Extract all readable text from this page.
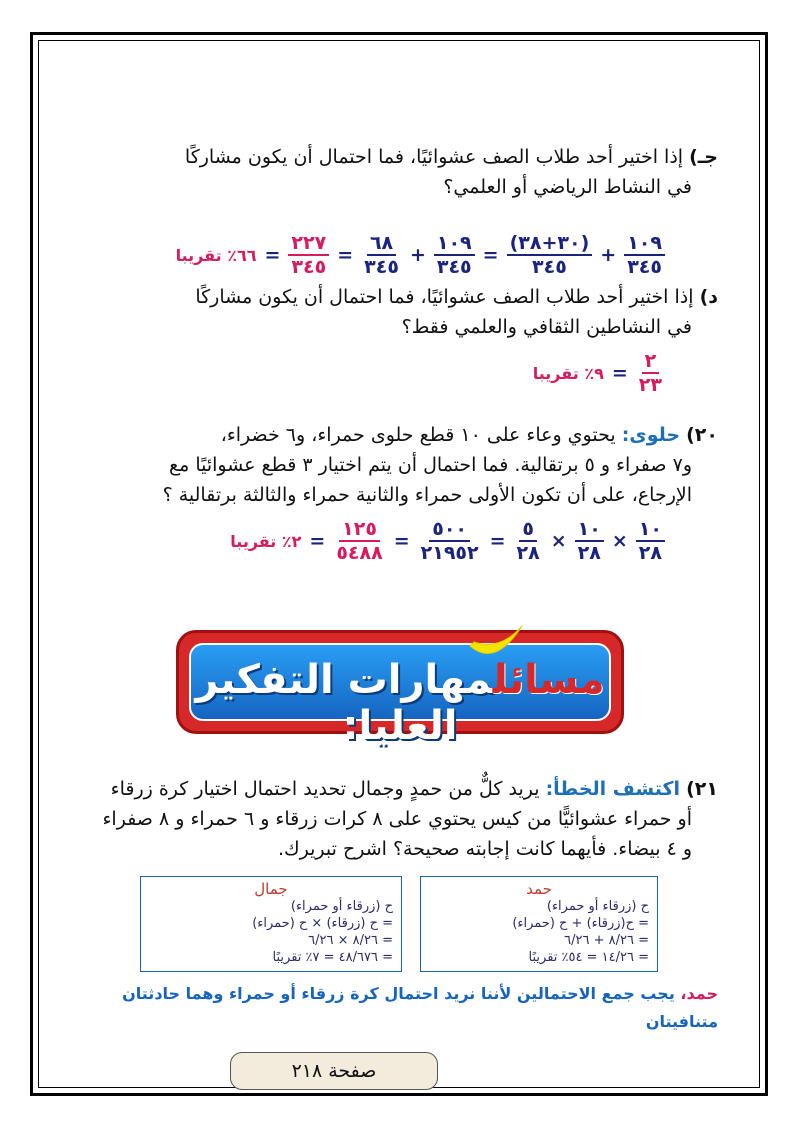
جـ) إذا اختير أحد طلاب الصف عشوائيًا، فما احتمال أن يكون مشاركًا
في النشاط الرياضي أو العلمي؟
$\frac{١٠٩}{٣٤٥}$
+
$\frac{(٣٠+٣٨)}{٣٤٥}$
=
$\frac{١٠٩}{٣٤٥}$
+
$\frac{٦٨}{٣٤٥}$
=
$\frac{٢٢٧}{٣٤٥}$
=
٦٦٪ تقريبا
د) إذا اختير أحد طلاب الصف عشوائيًا، فما احتمال أن يكون مشاركًا
في النشاطين الثقافي والعلمي فقط؟
$\frac{٢}{٢٣}$
=
٩٪ تقريبا
٢٠) حلوى: يحتوي وعاء على ١٠ قطع حلوى حمراء، و٦ خضراء،
و٧ صفراء و ٥ برتقالية. فما احتمال أن يتم اختيار ٣ قطع عشوائيًا مع
الإرجاع، على أن تكون الأولى حمراء والثانية حمراء والثالثة برتقالية ؟
$\frac{١٠}{٢٨}$
×
$\frac{١٠}{٢٨}$
×
$\frac{٥}{٢٨}$
=
$\frac{٥٠٠}{٢١٩٥٢}$
=
$\frac{١٢٥}{٥٤٨٨}$
=
٢٪ تقريبا
مسائلمهارات التفكير العليا:
٢١) اكتشف الخطأ: يريد كلٌّ من حمدٍ وجمال تحديد احتمال اختيار كرة زرقاء
أو حمراء عشوائيًّا من كيس يحتوي على ٨ كرات زرقاء و ٦ حمراء و ٨ صفراء
و ٤ بيضاء. فأيهما كانت إجابته صحيحة؟ اشرح تبريرك.
حمد
ح (زرقاء أو حمراء)
= ح(زرقاء) + ح (حمراء)
= ٨/٢٦ + ٦/٢٦
= ١٤/٢٦ = ٥٤٪ تقريبًا
جمال
ح (زرقاء أو حمراء)
= ح (زرقاء) × ح (حمراء)
= ٨/٢٦ × ٦/٢٦
= ٤٨/٦٧٦ = ٧٪ تقريبًا
حمد، يجب جمع الاحتمالين لأننا نريد احتمال كرة زرقاء أو حمراء وهما حادثتان
متنافيتان
صفحة ٢١٨
